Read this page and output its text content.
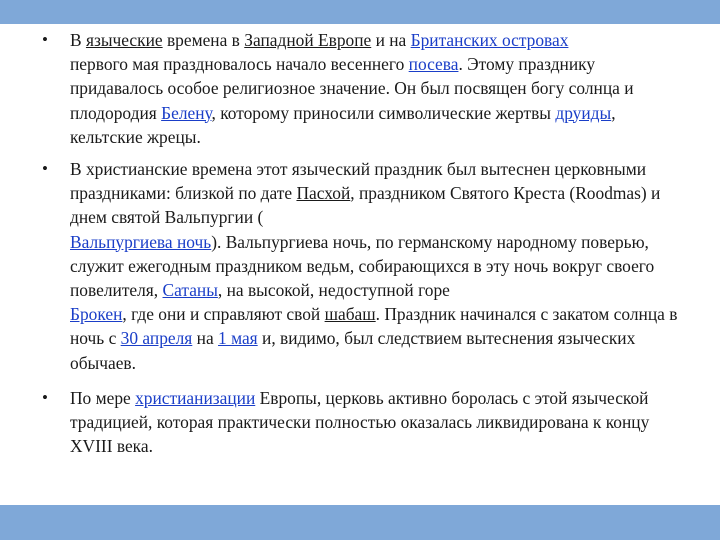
• В языческие времена в Западной Европе и на Британских островах
первого мая праздновалось начало весеннего посева. Этому празднику придавалось особое религиозное значение. Он был посвящен богу солнца и плодородия Белену, которому приносили символические жертвы друиды, кельтские жрецы.
• В христианские времена этот языческий праздник был вытеснен церковными праздниками: близкой по дате Пасхой, праздником Святого Креста (Roodmas) и днем святой Вальпургии (
Вальпургиева ночь). Вальпургиева ночь, по германскому народному поверью, служит ежегодным праздником ведьм, собирающихся в эту ночь вокруг своего повелителя, Сатаны, на высокой, недоступной горе
Брокен, где они и справляют свой шабаш. Праздник начинался с закатом солнца в ночь с 30 апреля на 1 мая и, видимо, был следствием вытеснения языческих обычаев.
• По мере христианизации Европы, церковь активно боролась с этой языческой традицией, которая практически полностью оказалась ликвидирована к концу XVIII века.
